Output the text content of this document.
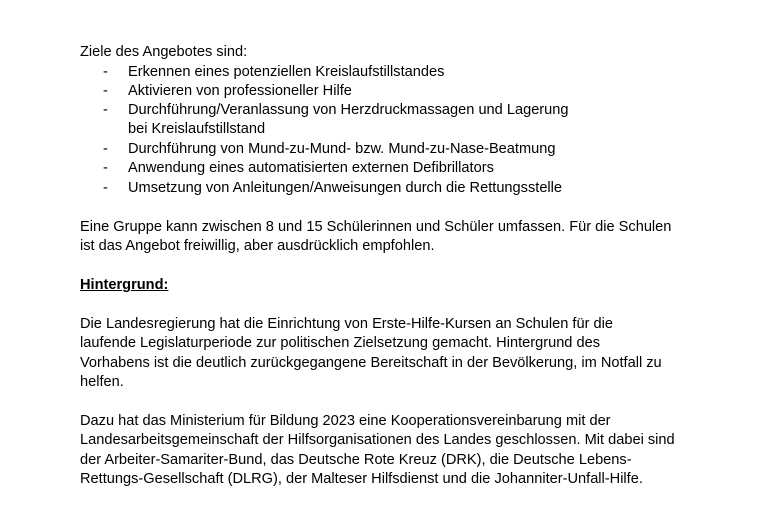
Ziele des Angebotes sind:
- Erkennen eines potenziellen Kreislaufstillstandes
- Aktivieren von professioneller Hilfe
- Durchführung/Veranlassung von Herzdruckmassagen und Lagerung
bei Kreislaufstillstand
- Durchführung von Mund-zu-Mund- bzw. Mund-zu-Nase-Beatmung
- Anwendung eines automatisierten externen Defibrillators
- Umsetzung von Anleitungen/Anweisungen durch die Rettungsstelle
Eine Gruppe kann zwischen 8 und 15 Schülerinnen und Schüler umfassen. Für die Schulen
ist das Angebot freiwillig, aber ausdrücklich empfohlen.
Hintergrund:
Die Landesregierung hat die Einrichtung von Erste-Hilfe-Kursen an Schulen für die
laufende Legislaturperiode zur politischen Zielsetzung gemacht. Hintergrund des
Vorhabens ist die deutlich zurückgegangene Bereitschaft in der Bevölkerung, im Notfall zu
helfen.
Dazu hat das Ministerium für Bildung 2023 eine Kooperationsvereinbarung mit der
Landesarbeitsgemeinschaft der Hilfsorganisationen des Landes geschlossen. Mit dabei sind
der Arbeiter-Samariter-Bund, das Deutsche Rote Kreuz (DRK), die Deutsche Lebens-
Rettungs-Gesellschaft (DLRG), der Malteser Hilfsdienst und die Johanniter-Unfall-Hilfe.
